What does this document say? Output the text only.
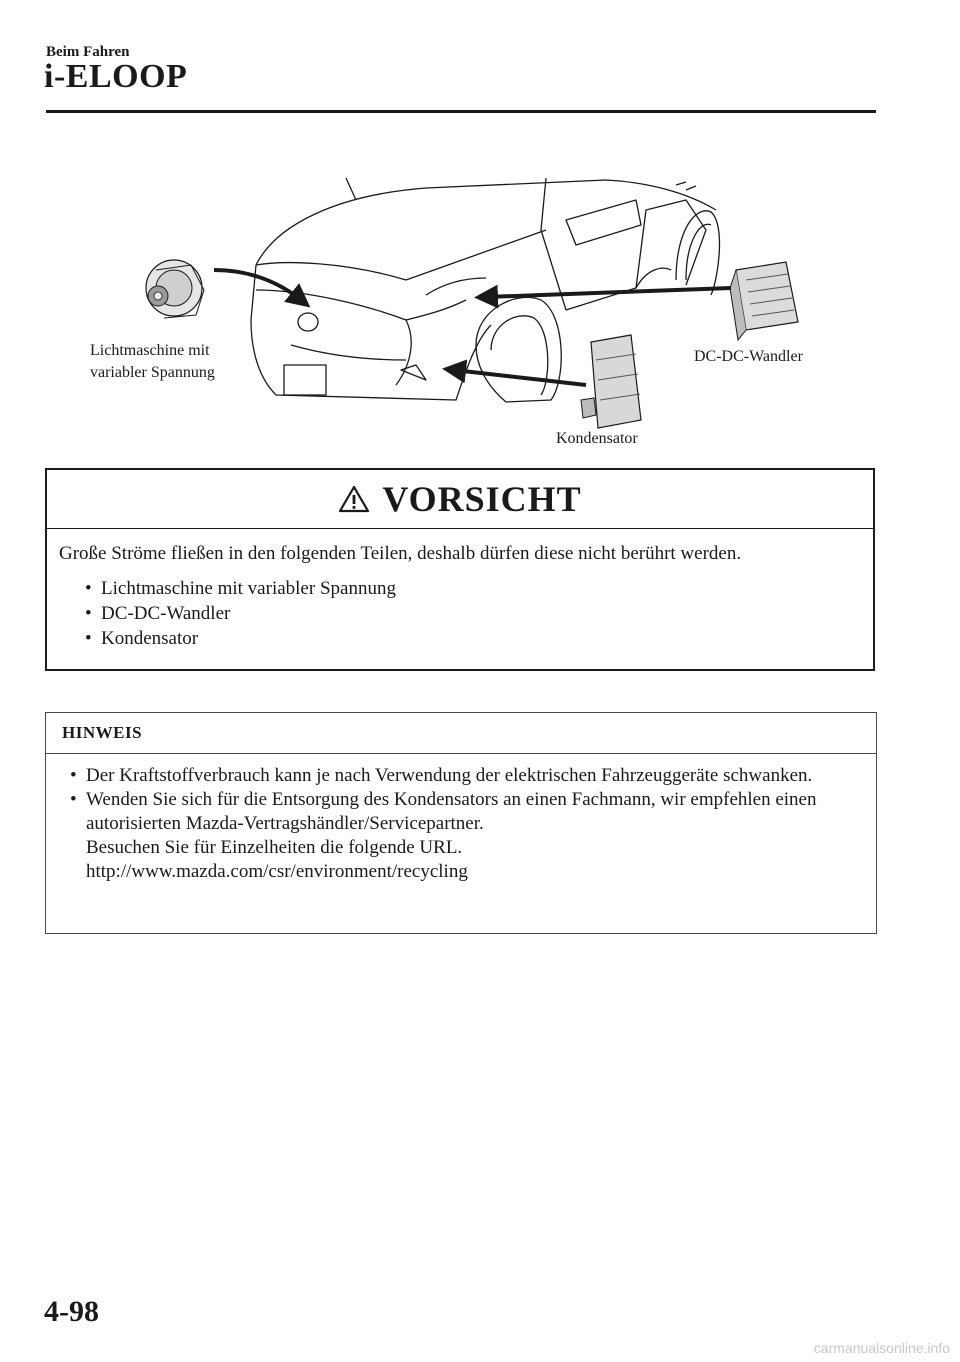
Beim Fahren
i-ELOOP
Lichtmaschine mit
variabler Spannung
DC-DC-Wandler
Kondensator
VORSICHT

Große Ströme fließen in den folgenden Teilen, deshalb dürfen diese nicht berührt werden.

• Lichtmaschine mit variabler Spannung
• DC-DC-Wandler
• Kondensator
HINWEIS
• Der Kraftstoffverbrauch kann je nach Verwendung der elektrischen Fahrzeuggeräte schwanken.
• Wenden Sie sich für die Entsorgung des Kondensators an einen Fachmann, wir empfehlen einen autorisierten Mazda-Vertragshändler/Servicepartner.
Besuchen Sie für Einzelheiten die folgende URL.
http://www.mazda.com/csr/environment/recycling
4-98
carmanualsonline.info
